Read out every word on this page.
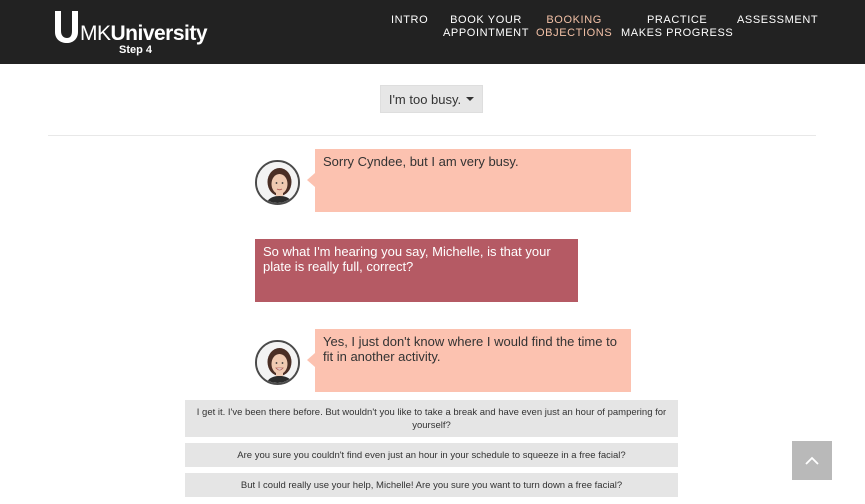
MKUniversity
Step 4
INTRO	BOOK YOUR
APPOINTMENT
BOOKING
OBJECTIONS
PRACTICE
MAKES PROGRESS
ASSESSMENT
I'm too busy.
Sorry Cyndee, but I am very busy.
So what I'm hearing you say, Michelle, is that your plate is really full, correct?
Yes, I just don't know where I would find the time to fit in another activity.
I get it. I've been there before. But wouldn't you like to take a break and have even just an hour of pampering for yourself?
Are you sure you couldn't find even just an hour in your schedule to squeeze in a free facial?
But I could really use your help, Michelle! Are you sure you want to turn down a free facial?
